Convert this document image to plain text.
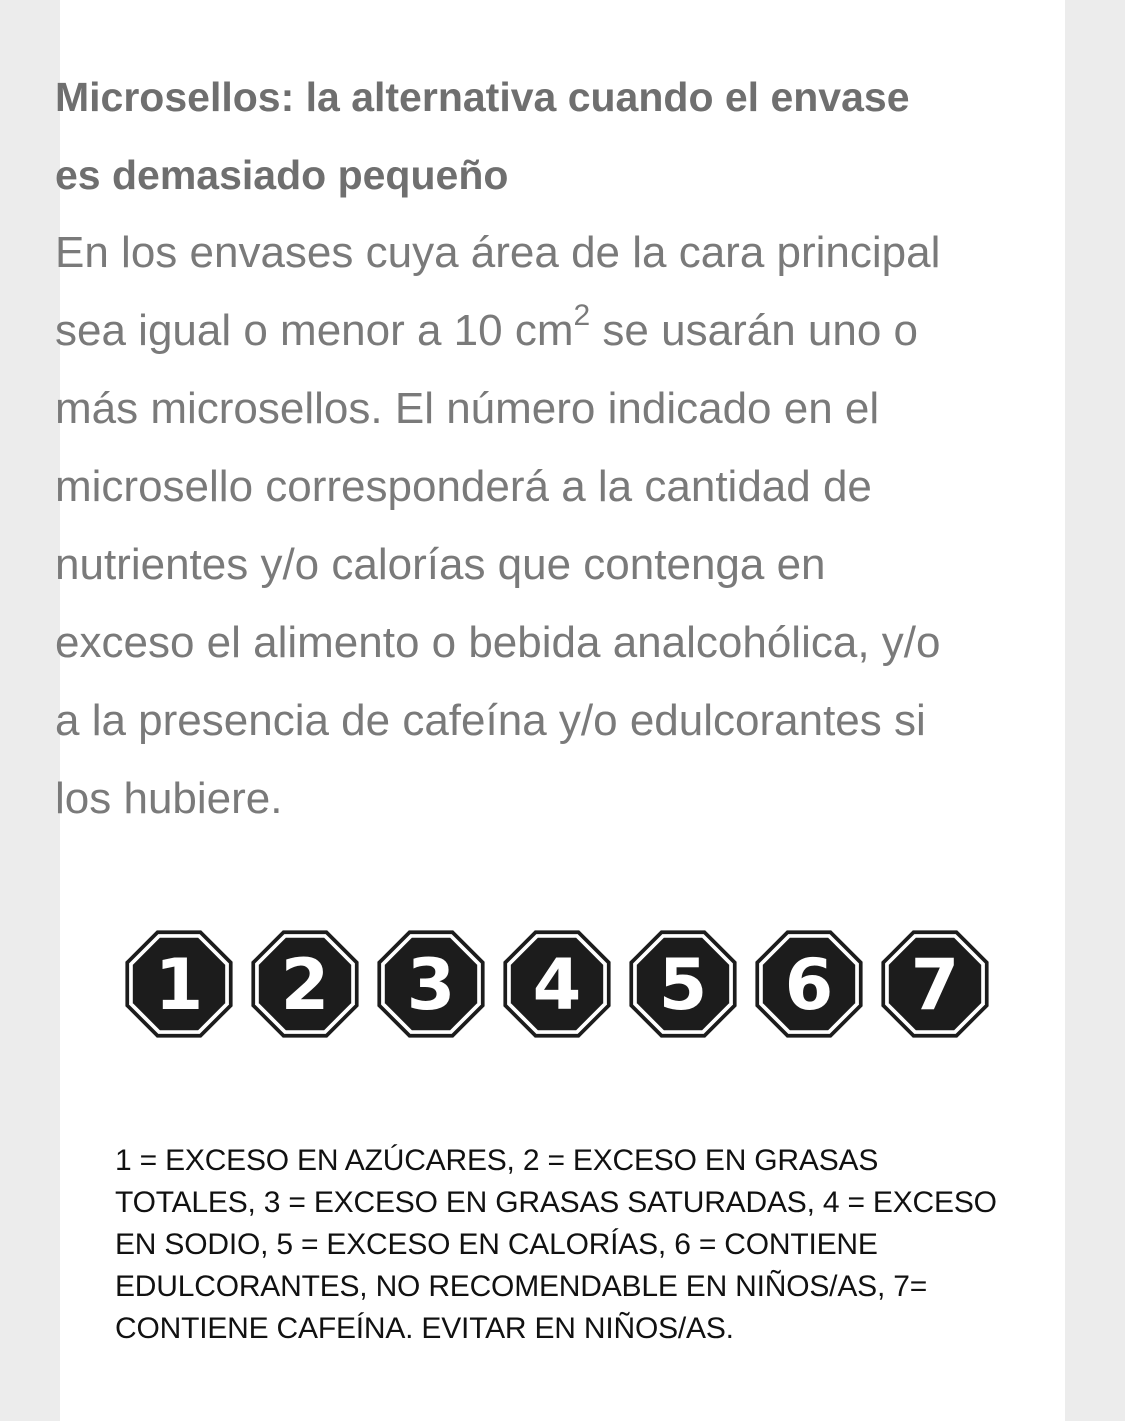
Microsellos: la alternativa cuando el envase es demasiado pequeño

En los envases cuya área de la cara principal sea igual o menor a 10 $cm^2$ se usarán uno o más microsellos. El número indicado en el microsello corresponderá a la cantidad de nutrientes y/o calorías que contenga en exceso el alimento o bebida analcohólica, y/o a la presencia de cafeína y/o edulcorantes si los hubiere.

1 2 3 4 5 6 7

1 = EXCESO EN AZÚCARES, 2 = EXCESO EN GRASAS TOTALES, 3 = EXCESO EN GRASAS SATURADAS, 4 = EXCESO EN SODIO, 5 = EXCESO EN CALORÍAS, 6 = CONTIENE EDULCORANTES, NO RECOMENDABLE EN NIÑOS/AS, 7= CONTIENE CAFEÍNA. EVITAR EN NIÑOS/AS.
